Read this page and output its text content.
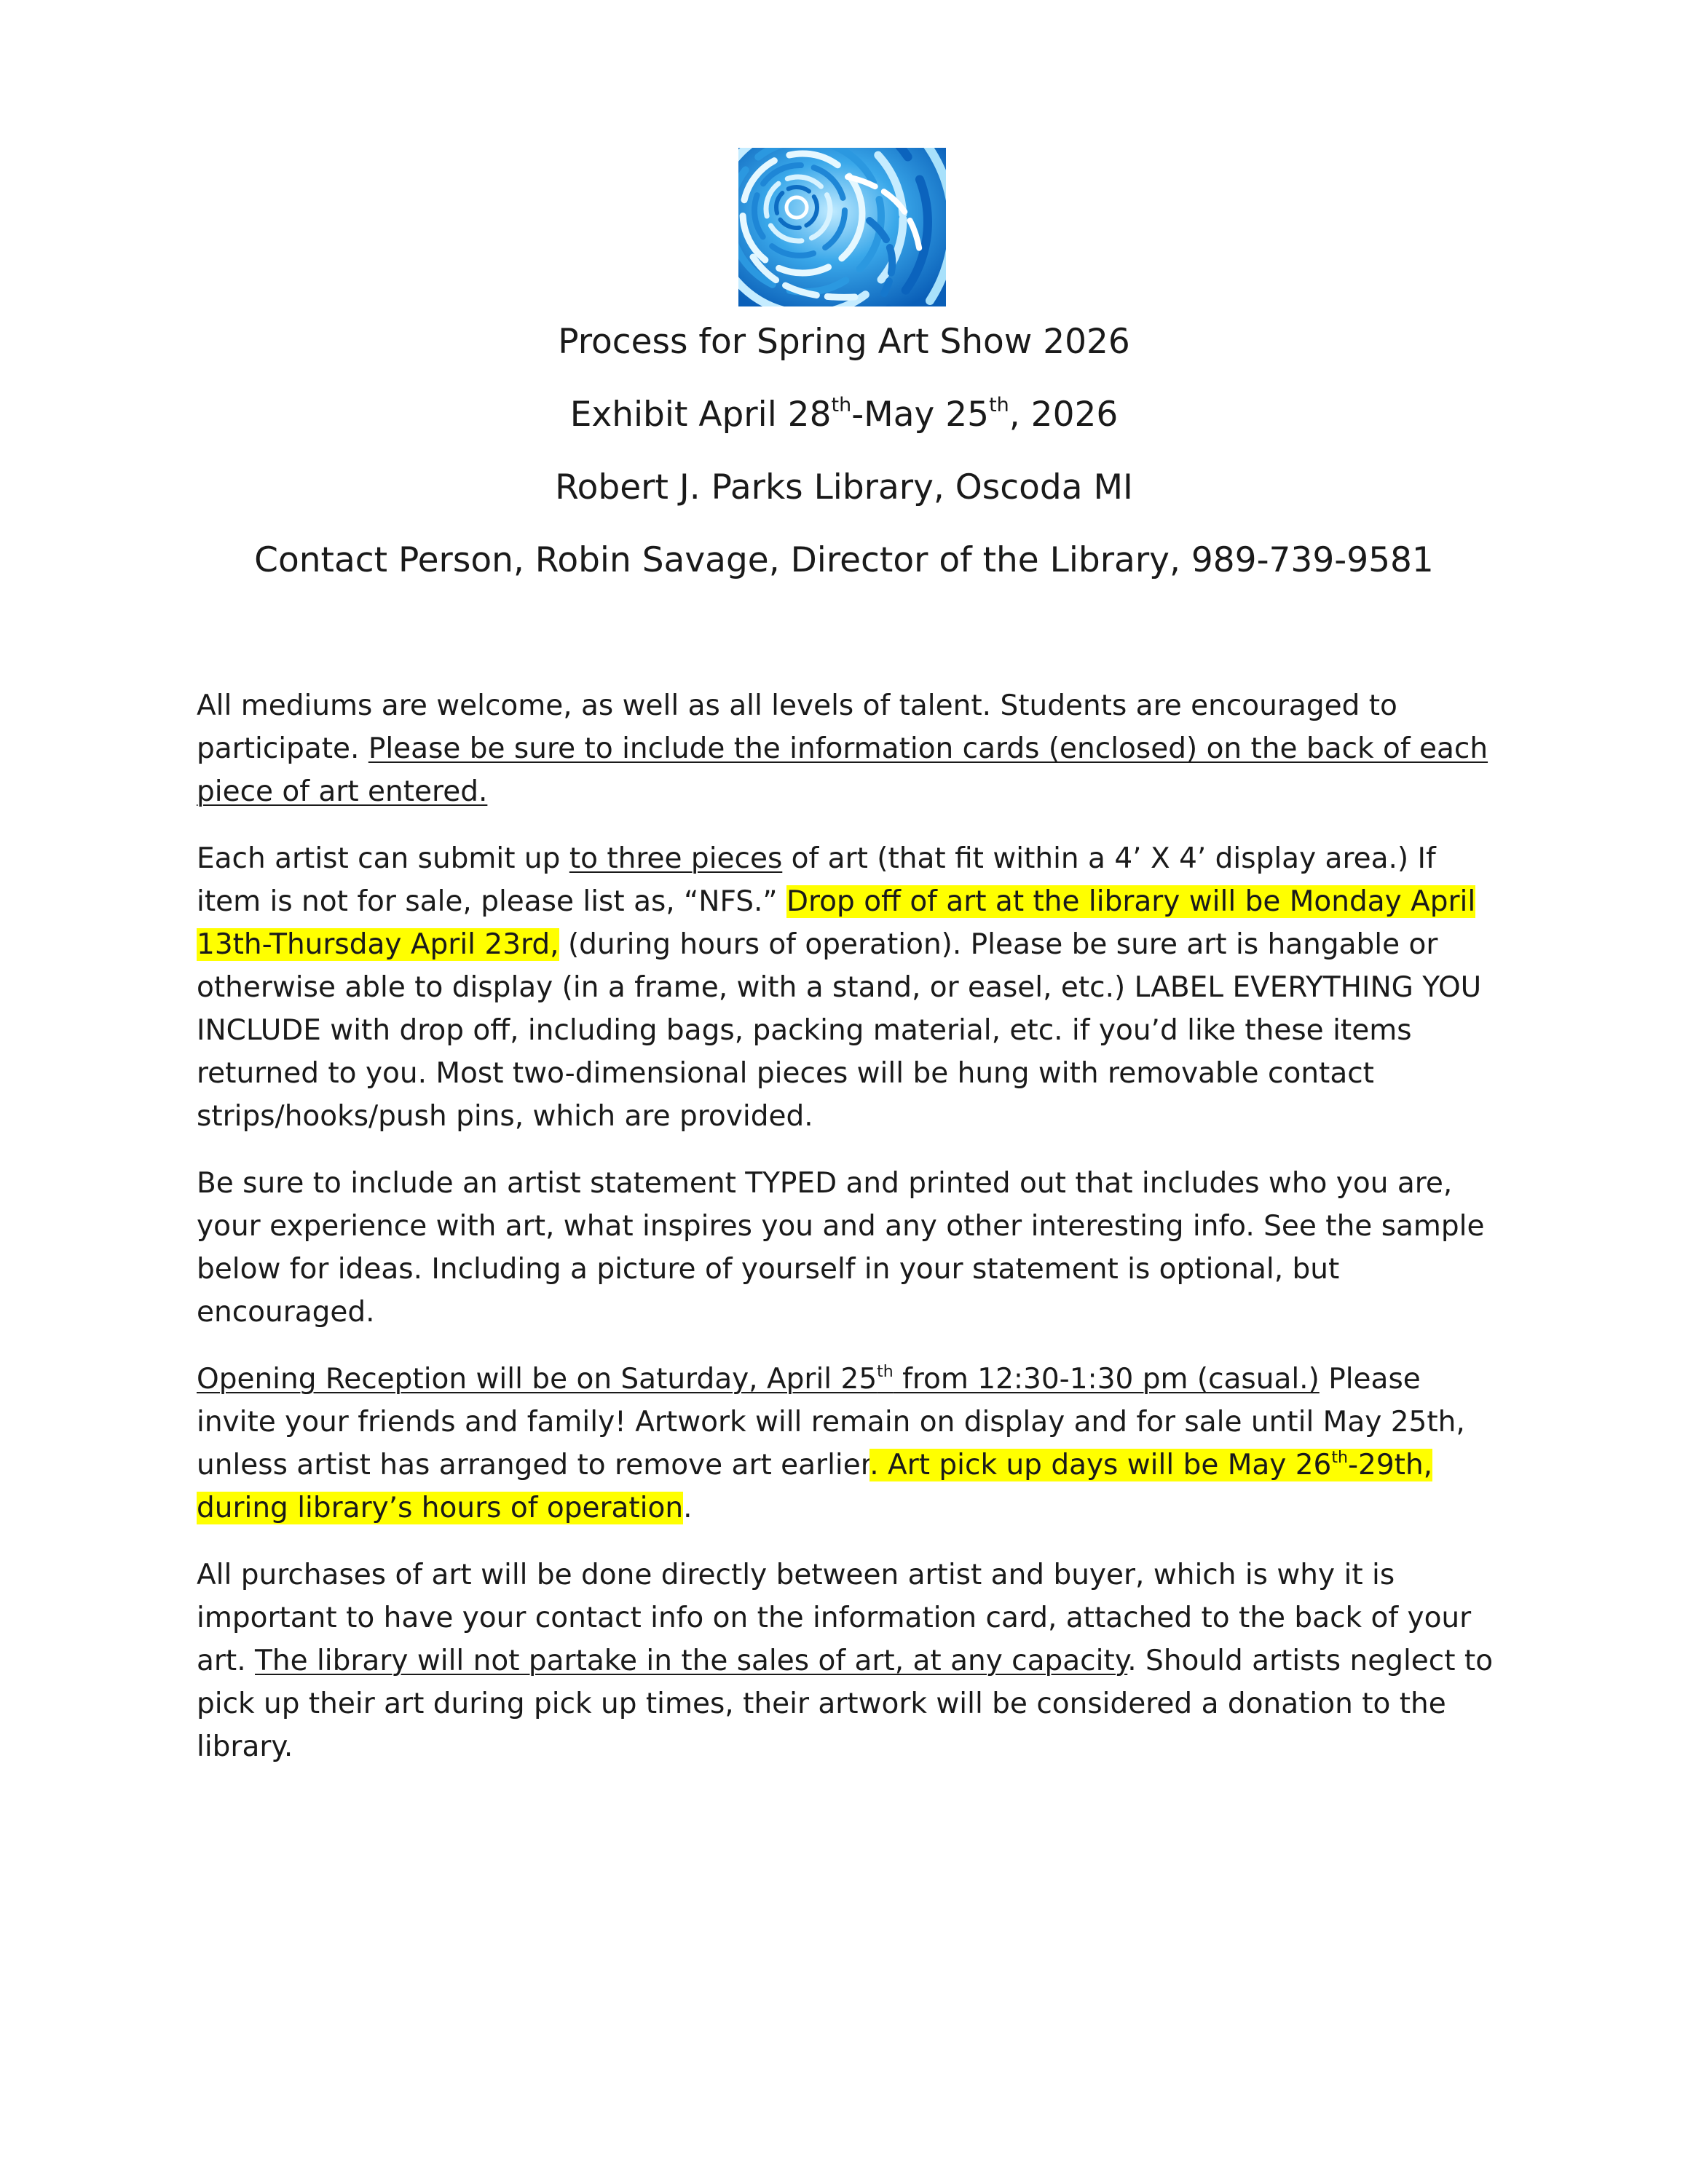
Process for Spring Art Show 2026
Exhibit April 28th-May 25th, 2026
Robert J. Parks Library, Oscoda MI
Contact Person, Robin Savage, Director of the Library, 989-739-9581

All mediums are welcome, as well as all levels of talent. Students are encouraged to participate. Please be sure to include the information cards (enclosed) on the back of each piece of art entered.

Each artist can submit up to three pieces of art (that fit within a 4’ X 4’ display area.) If item is not for sale, please list as, “NFS.” Drop off of art at the library will be Monday April 13th-Thursday April 23rd, (during hours of operation). Please be sure art is hangable or otherwise able to display (in a frame, with a stand, or easel, etc.) LABEL EVERYTHING YOU INCLUDE with drop off, including bags, packing material, etc. if you’d like these items returned to you. Most two-dimensional pieces will be hung with removable contact strips/hooks/push pins, which are provided.

Be sure to include an artist statement TYPED and printed out that includes who you are, your experience with art, what inspires you and any other interesting info. See the sample below for ideas. Including a picture of yourself in your statement is optional, but encouraged.

Opening Reception will be on Saturday, April 25th from 12:30-1:30 pm (casual.) Please invite your friends and family! Artwork will remain on display and for sale until May 25th, unless artist has arranged to remove art earlier. Art pick up days will be May 26th-29th, during library’s hours of operation.

All purchases of art will be done directly between artist and buyer, which is why it is important to have your contact info on the information card, attached to the back of your art. The library will not partake in the sales of art, at any capacity. Should artists neglect to pick up their art during pick up times, their artwork will be considered a donation to the library.
